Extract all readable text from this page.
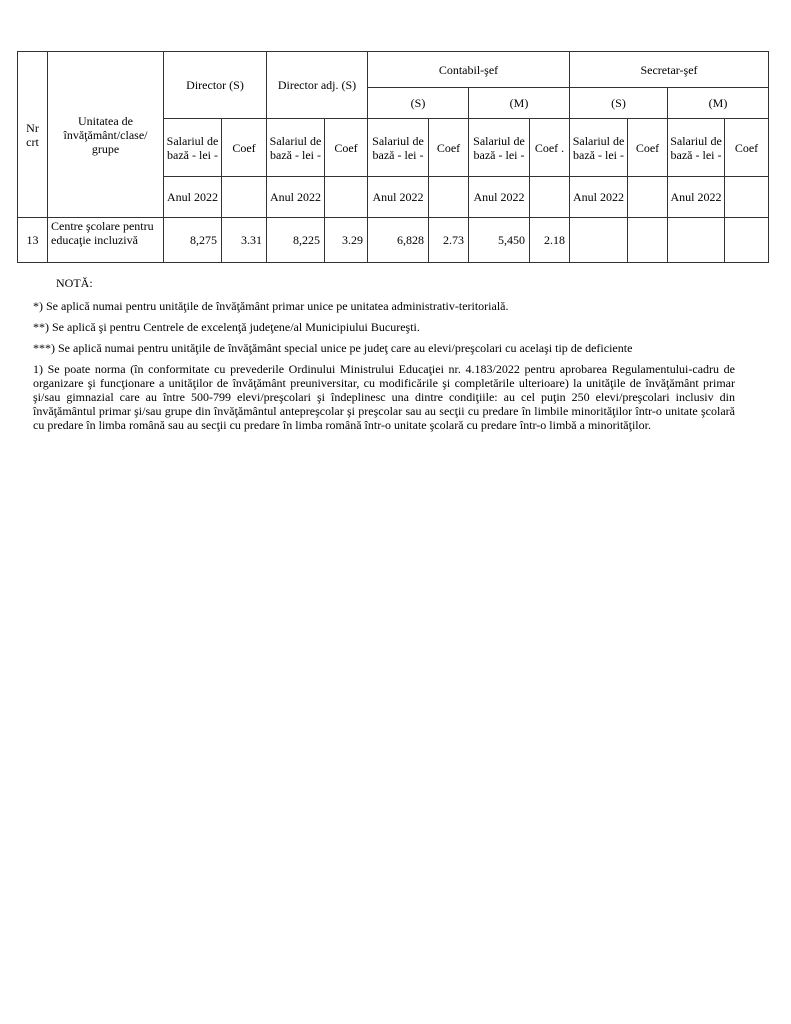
Nr crt	Unitatea de învăţământ/clase/ grupe	Director (S)		Director adj. (S)		Contabil-şef				Secretar-şef			
						(S)		(M)		(S)		(M)	
		Salariul de bază - lei -	Coef	Salariul de bază - lei -	Coef	Salariul de bază - lei -	Coef	Salariul de bază - lei -	Coef .	Salariul de bază - lei -	Coef	Salariul de bază - lei -	Coef
		Anul 2022		Anul 2022		Anul 2022		Anul 2022		Anul 2022		Anul 2022	
13	Centre şcolare pentru educaţie incluzivă	8,275	3.31	8,225	3.29	6,828	2.73	5,450	2.18				

NOTĂ:

*) Se aplică numai pentru unităţile de învăţământ primar unice pe unitatea administrativ-teritorială.

**) Se aplică şi pentru Centrele de excelenţă judeţene/al Municipiului Bucureşti.

***) Se aplică numai pentru unităţile de învăţământ special unice pe judeţ care au elevi/preşcolari cu acelaşi tip de deficiente

1) Se poate norma (în conformitate cu prevederile Ordinului Ministrului Educaţiei nr. 4.183/2022 pentru aprobarea Regulamentului-cadru de organizare şi funcţionare a unităţilor de învăţământ preuniversitar, cu modificările şi completările ulterioare) la unităţile de învăţământ primar şi/sau gimnazial care au între 500-799 elevi/preşcolari şi îndeplinesc una dintre condiţiile: au cel puţin 250 elevi/preşcolari inclusiv din învăţământul primar şi/sau grupe din învăţământul antepreşcolar şi preşcolar sau au secţii cu predare în limbile minorităţilor într-o unitate şcolară cu predare în limba română sau au secţii cu predare în limba română într-o unitate şcolară cu predare într-o limbă a minorităţilor.
